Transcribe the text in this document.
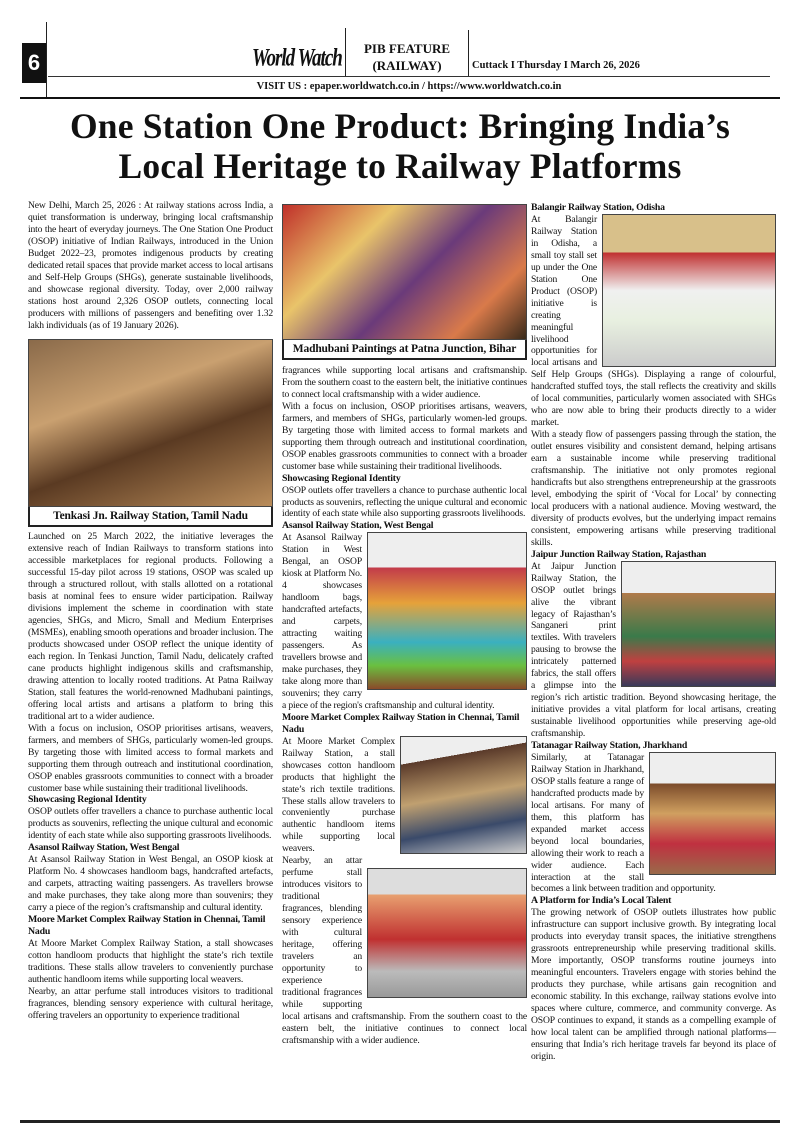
6	World Watch	PIB FEATURE
(RAILWAY)	Cuttack I Thursday I March 26, 2026
VISIT US : epaper.worldwatch.co.in / https://www.worldwatch.co.in
One Station One Product: Bringing India’s
Local Heritage to Railway Platforms

New Delhi, March 25, 2026 : At railway stations across India, a quiet transformation is underway, bringing local craftsmanship into the heart of everyday journeys. The One Station One Product (OSOP) initiative of Indian Railways, introduced in the Union Budget 2022–23, promotes indigenous products by creating dedicated retail spaces that provide market access to local artisans and Self-Help Groups (SHGs), generate sustainable livelihoods, and showcase regional diversity. Today, over 2,000 railway stations host around 2,326 OSOP outlets, connecting local producers with millions of passengers and benefiting over 1.32 lakh individuals (as of 19 January 2026).

Tenkasi Jn. Railway Station, Tamil Nadu

Launched on 25 March 2022, the initiative leverages the extensive reach of Indian Railways to transform stations into accessible marketplaces for regional products. Following a successful 15-day pilot across 19 stations, OSOP was scaled up through a structured rollout, with stalls allotted on a rotational basis at nominal fees to ensure wider participation. Railway divisions implement the scheme in coordination with state agencies, SHGs, and Micro, Small and Medium Enterprises (MSMEs), enabling smooth operations and broader inclusion. The products showcased under OSOP reflect the unique identity of each region. In Tenkasi Junction, Tamil Nadu, delicately crafted cane products highlight indigenous skills and craftsmanship, drawing attention to locally rooted traditions. At Patna Railway Station, stall features the world-renowned Madhubani paintings, offering local artists and artisans a platform to bring this traditional art to a wider audience.

With a focus on inclusion, OSOP prioritises artisans, weavers, farmers, and members of SHGs, particularly women-led groups. By targeting those with limited access to formal markets and supporting them through outreach and institutional coordination, OSOP enables grassroots communities to connect with a broader customer base while sustaining their traditional livelihoods.

Showcasing Regional Identity

OSOP outlets offer travellers a chance to purchase authentic local products as souvenirs, reflecting the unique cultural and economic identity of each state while also supporting grassroots livelihoods.

Asansol Railway Station, West Bengal

At Asansol Railway Station in West Bengal, an OSOP kiosk at Platform No. 4 showcases handloom bags, handcrafted artefacts, and carpets, attracting waiting passengers. As travellers browse and make purchases, they take along more than souvenirs; they carry a piece of the region’s craftsmanship and cultural identity.

Moore Market Complex Railway Station in Chennai, Tamil Nadu

At Moore Market Complex Railway Station, a stall showcases cotton handloom products that highlight the state’s rich textile traditions. These stalls allow travelers to conveniently purchase authentic handloom items while supporting local weavers.

Nearby, an attar perfume stall introduces visitors to traditional fragrances, blending sensory experience with cultural heritage, offering travelers an opportunity to experience traditional

Madhubani Paintings at Patna Junction, Bihar

fragrances while supporting local artisans and craftsmanship. From the southern coast to the eastern belt, the initiative continues to connect local craftsmanship with a wider audience.

With a focus on inclusion, OSOP prioritises artisans, weavers, farmers, and members of SHGs, particularly women-led groups. By targeting those with limited access to formal markets and supporting them through outreach and institutional coordination, OSOP enables grassroots communities to connect with a broader customer base while sustaining their traditional livelihoods.

Showcasing Regional Identity

OSOP outlets offer travellers a chance to purchase authentic local products as souvenirs, reflecting the unique cultural and economic identity of each state while also supporting grassroots livelihoods.

Asansol Railway Station, West Bengal

At Asansol Railway Station in West Bengal, an OSOP kiosk at Platform No. 4 showcases handloom bags, handcrafted artefacts, and carpets, attracting waiting passengers. As travellers browse and make purchases, they take along more than souvenirs; they carry a piece of the region's craftsmanship and cultural identity.

Moore Market Complex Railway Station in Chennai, Tamil Nadu

At Moore Market Complex Railway Station, a stall showcases cotton handloom products that highlight the state’s rich textile traditions. These stalls allow travelers to conveniently purchase authentic handloom items while supporting local weavers.

Nearby, an attar perfume stall introduces visitors to traditional fragrances, blending sensory experience with cultural heritage, offering travelers an opportunity to experience traditional fragrances while supporting local artisans and craftsmanship. From the southern coast to the eastern belt, the initiative continues to connect local craftsmanship with a wider audience.

Balangir Railway Station, Odisha

At Balangir Railway Station in Odisha, a small toy stall set up under the One Station One Product (OSOP) initiative is creating meaningful livelihood opportunities for local artisans and Self Help Groups (SHGs). Displaying a range of colourful, handcrafted stuffed toys, the stall reflects the creativity and skills of local communities, particularly women associated with SHGs who are now able to bring their products directly to a wider market.

With a steady flow of passengers passing through the station, the outlet ensures visibility and consistent demand, helping artisans earn a sustainable income while preserving traditional craftsmanship. The initiative not only promotes regional handicrafts but also strengthens entrepreneurship at the grassroots level, embodying the spirit of ‘Vocal for Local’ by connecting local producers with a national audience. Moving westward, the diversity of products evolves, but the underlying impact remains consistent, empowering artisans while preserving traditional skills.

Jaipur Junction Railway Station, Rajasthan

At Jaipur Junction Railway Station, the OSOP outlet brings alive the vibrant legacy of Rajasthan’s Sanganeri print textiles. With travelers pausing to browse the intricately patterned fabrics, the stall offers a glimpse into the region’s rich artistic tradition. Beyond showcasing heritage, the initiative provides a vital platform for local artisans, creating sustainable livelihood opportunities while preserving age-old craftsmanship.

Tatanagar Railway Station, Jharkhand

Similarly, at Tatanagar Railway Station in Jharkhand, OSOP stalls feature a range of handcrafted products made by local artisans. For many of them, this platform has expanded market access beyond local boundaries, allowing their work to reach a wider audience. Each interaction at the stall becomes a link between tradition and opportunity.

A Platform for India’s Local Talent

The growing network of OSOP outlets illustrates how public infrastructure can support inclusive growth. By integrating local products into everyday transit spaces, the initiative strengthens grassroots entrepreneurship while preserving traditional skills. More importantly, OSOP transforms routine journeys into meaningful encounters. Travelers engage with stories behind the products they purchase, while artisans gain recognition and economic stability. In this exchange, railway stations evolve into spaces where culture, commerce, and community converge. As OSOP continues to expand, it stands as a compelling example of how local talent can be amplified through national platforms—ensuring that India’s rich heritage travels far beyond its place of origin.
